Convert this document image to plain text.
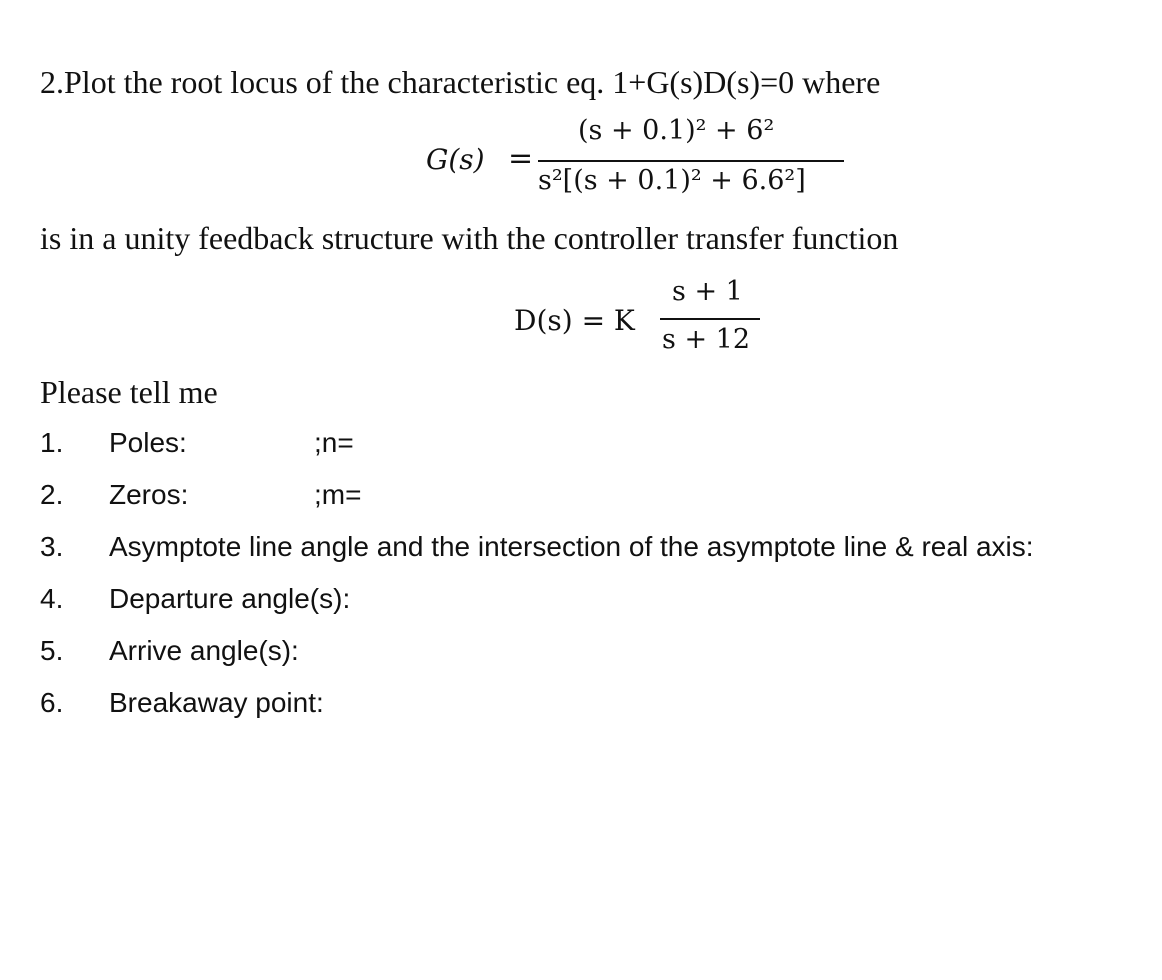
2.Plot the root locus of the characteristic eq. 1+G(s)D(s)=0 where
G(s) =
(s + 0.1)² + 6²
s²[(s + 0.1)² + 6.6²]
is in a unity feedback structure with the controller transfer function
D(s) = K
s + 1
s + 12
Please tell me
1. Poles:	;n=
2. Zeros:	;m=
3. Asymptote line angle and the intersection of the asymptote line & real axis:
4. Departure angle(s):
5. Arrive angle(s):
6. Breakaway point:
